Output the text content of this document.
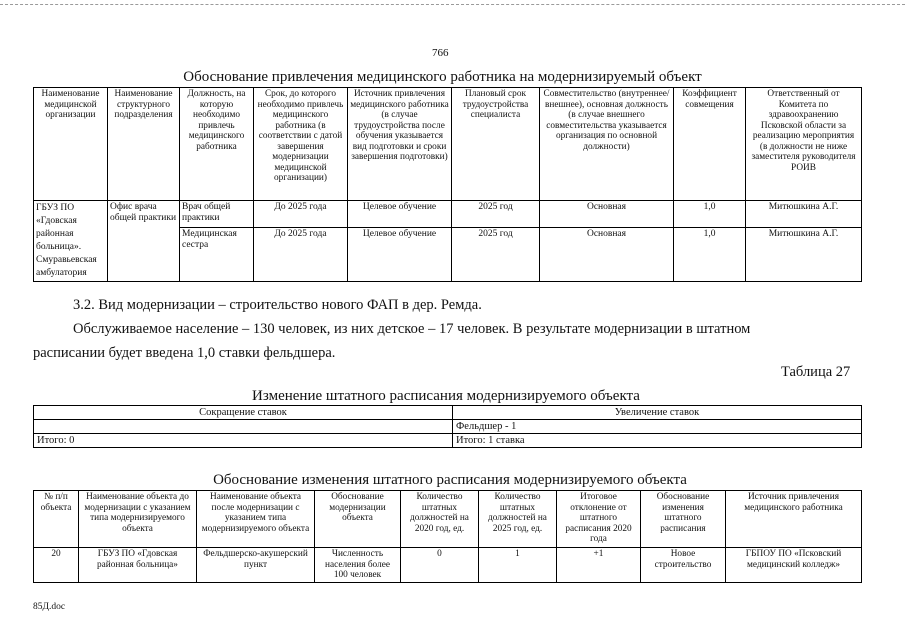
766
Обоснование привлечения медицинского работника на модернизируемый объект
Наименование медицинской организации	Наименование структурного подразделения	Должность, на которую необходимо привлечь медицинского работника	Срок, до которого необходимо привлечь медицинского работника (в соответствии с датой завершения модернизации медицинской организации)	Источник привлечения медицинского работника (в случае трудоустройства после обучения указывается вид подготовки и сроки завершения подготовки)	Плановый срок трудоустройства специалиста	Совместительство (внутреннее/внешнее), основная должность (в случае внешнего совместительства указывается организация по основной должности)	Коэффициент совмещения	Ответственный от Комитета по здравоохранению Псковской области за реализацию мероприятия
(в должности не ниже заместителя руководителя РОИВ
ГБУЗ ПО «Гдовская районная больница». Смуравьевская амбулатория	Офис врача общей практики	Врач общей практики	До 2025 года	Целевое обучение	2025 год	Основная	1,0	Митюшкина А.Г.
		Медицинская сестра	До 2025 года	Целевое обучение	2025 год	Основная	1,0	Митюшкина А.Г.
3.2. Вид модернизации – строительство нового ФАП в дер. Ремда.
Обслуживаемое население – 130 человек, из них детское – 17 человек. В результате модернизации в штатном
расписании будет введена 1,0 ставки фельдшера.
Таблица 27
Изменение штатного расписания модернизируемого объекта
Сокращение ставок	Увеличение ставок
	Фельдшер - 1
Итого: 0	Итого: 1 ставка
Обоснование изменения штатного расписания модернизируемого объекта
№ п/п объекта	Наименование объекта до модернизации с указанием типа модернизируемого объекта	Наименование объекта после модернизации с указанием типа модернизируемого объекта	Обоснование модернизации объекта	Количество штатных должностей на 2020 год, ед.	Количество штатных должностей на 2025 год, ед.	Итоговое отклонение от штатного расписания 2020 года	Обоснование изменения штатного расписания	Источник привлечения медицинского работника
20	ГБУЗ ПО «Гдовская районная больница»	Фельдшерско-акушерский пункт	Численность населения более 100 человек	0	1	+1	Новое строительство	ГБПОУ ПО «Псковский медицинский колледж»
85Д.doc
